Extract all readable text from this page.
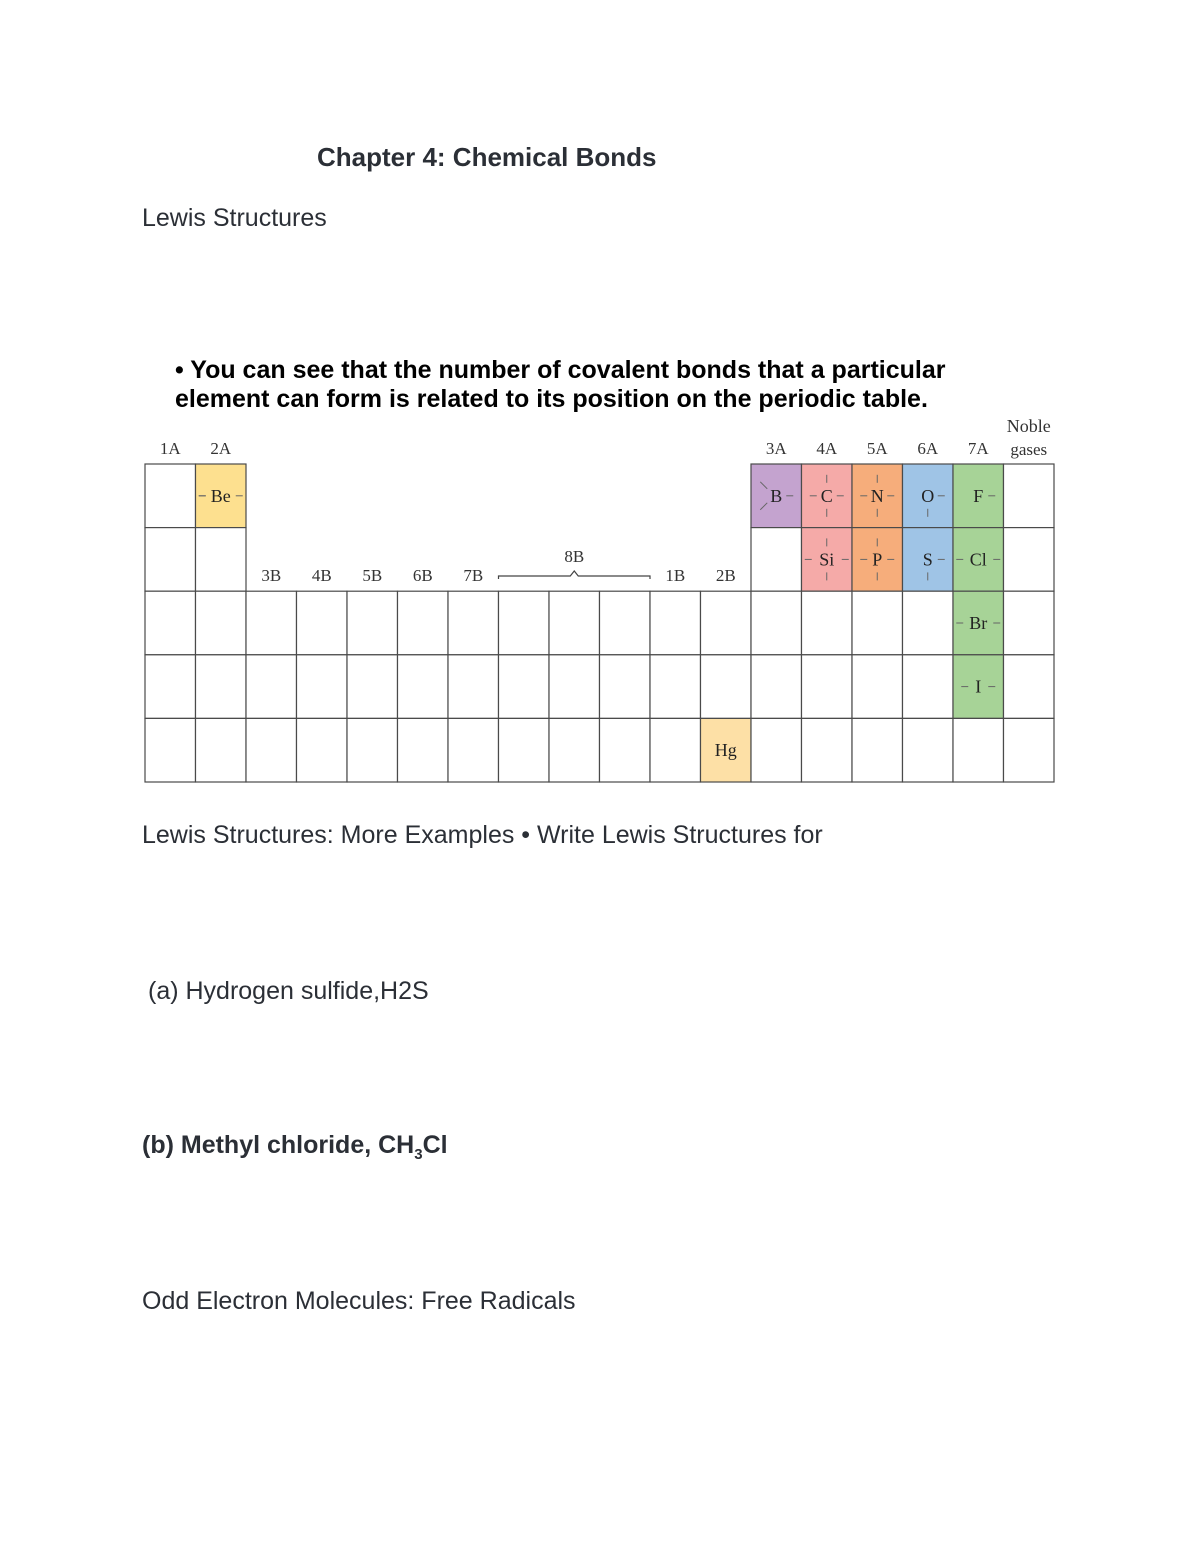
Chapter 4: Chemical Bonds
Lewis Structures
• You can see that the number of covalent bonds that a particular
element can form is related to its position on the periodic table.
Be	B C N O F
Si P S Cl
Br
I
Hg
1A 2A
3B 4B 5B 6B 7B	1B 2B
3A 4A 5A 6A 7A
8B
Noble
gases
Lewis Structures: More Examples • Write Lewis Structures for
(a) Hydrogen sulfide,H2S
(b) Methyl chloride, $CH_3Cl$
Odd Electron Molecules: Free Radicals
